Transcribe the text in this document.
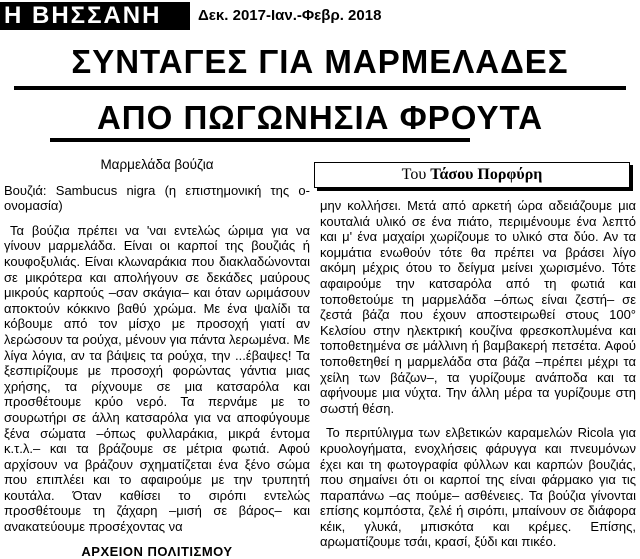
Η ΒΗΣΣΑΝΗ	Δεκ. 2017-Ιαν.-Φεβρ. 2018
ΣΥΝΤΑΓΕΣ ΓΙΑ ΜΑΡΜΕΛΑΔΕΣ
ΑΠΟ ΠΩΓΩΝΗΣΙΑ ΦΡΟΥΤΑ
Μαρμελάδα βούζια

Βουζιά: Sambucus nigra (η επιστημονική της ο-ονομασία)

Τα βούζια πρέπει να 'ναι εντελώς ώριμα για να γίνουν μαρμελάδα. Είναι οι καρποί της βουζιάς ή κουφοξυλιάς. Είναι κλωναράκια που διακλαδώνονται σε μικρότερα και απολήγουν σε δεκάδες μαύρους μικρούς καρπούς –σαν σκάγια– και όταν ωριμάσουν αποκτούν κόκκινο βαθύ χρώμα. Με ένα ψαλίδι τα κόβουμε από τον μίσχο με προσοχή γιατί αν λερώσουν τα ρούχα, μένουν για πάντα λερωμένα. Με λίγα λόγια, αν τα βάψεις τα ρούχα, την ...έβαψες! Τα ξεσπιρίζουμε με προσοχή φορώντας γάντια μιας χρήσης, τα ρίχνουμε σε μια κατσαρόλα και προσθέτουμε κρύο νερό. Τα περνάμε με το σουρωτήρι σε άλλη κατσαρόλα για να αποφύγουμε ξένα σώματα –όπως φυλλαράκια, μικρά έντομα κ.τ.λ.– και τα βράζουμε σε μέτρια φωτιά. Αφού αρχίσουν να βράζουν σχηματίζεται ένα ξένο σώμα που επιπλέει και το αφαιρούμε με την τρυπητή κουτάλα. Όταν καθίσει το σιρόπι εντελώς προσθέτουμε τη ζάχαρη –μισή σε βάρος– και ανακατεύουμε προσέχοντας να

ΑΡΧΕΙΟΝ ΠΟΛΙΤΙΣΜΟΥ
Του Τάσου Πορφύρη

μην κολλήσει. Μετά από αρκετή ώρα αδειάζουμε μια κουταλιά υλικό σε ένα πιάτο, περιμένουμε ένα λεπτό και μ' ένα μαχαίρι χωρίζουμε το υλικό στα δύο. Αν τα κομμάτια ενωθούν τότε θα πρέπει να βράσει λίγο ακόμη μέχρις ότου το δείγμα μείνει χωρισμένο. Τότε αφαιρούμε την κατσαρόλα από τη φωτιά και τοποθετούμε τη μαρμελάδα –όπως είναι ζεστή– σε ζεστά βάζα που έχουν αποστειρωθεί στους 100° Κελσίου στην ηλεκτρική κουζίνα φρεσκοπλυμένα και τοποθετημένα σε μάλλινη ή βαμβακερή πετσέτα. Αφού τοποθετηθεί η μαρμελάδα στα βάζα –πρέπει μέχρι τα χείλη των βάζων–, τα γυρίζουμε ανάποδα και τα αφήνουμε μια νύχτα. Την άλλη μέρα τα γυρίζουμε στη σωστή θέση.

Το περιτύλιγμα των ελβετικών καραμελών Ricola για κρυολογήματα, ενοχλήσεις φάρυγγα και πνευμόνων έχει και τη φωτογραφία φύλλων και καρπών βουζιάς, που σημαίνει ότι οι καρποί της είναι φάρμακο για τις παραπάνω –ας πούμε– ασθένειες. Τα βούζια γίνονται επίσης κομπόστα, ζελέ ή σιρόπι, μπαίνουν σε διάφορα κέικ, γλυκά, μπισκότα και κρέμες. Επίσης, αρωματίζουμε τσάι, κρασί, ξύδι και πικέο.
